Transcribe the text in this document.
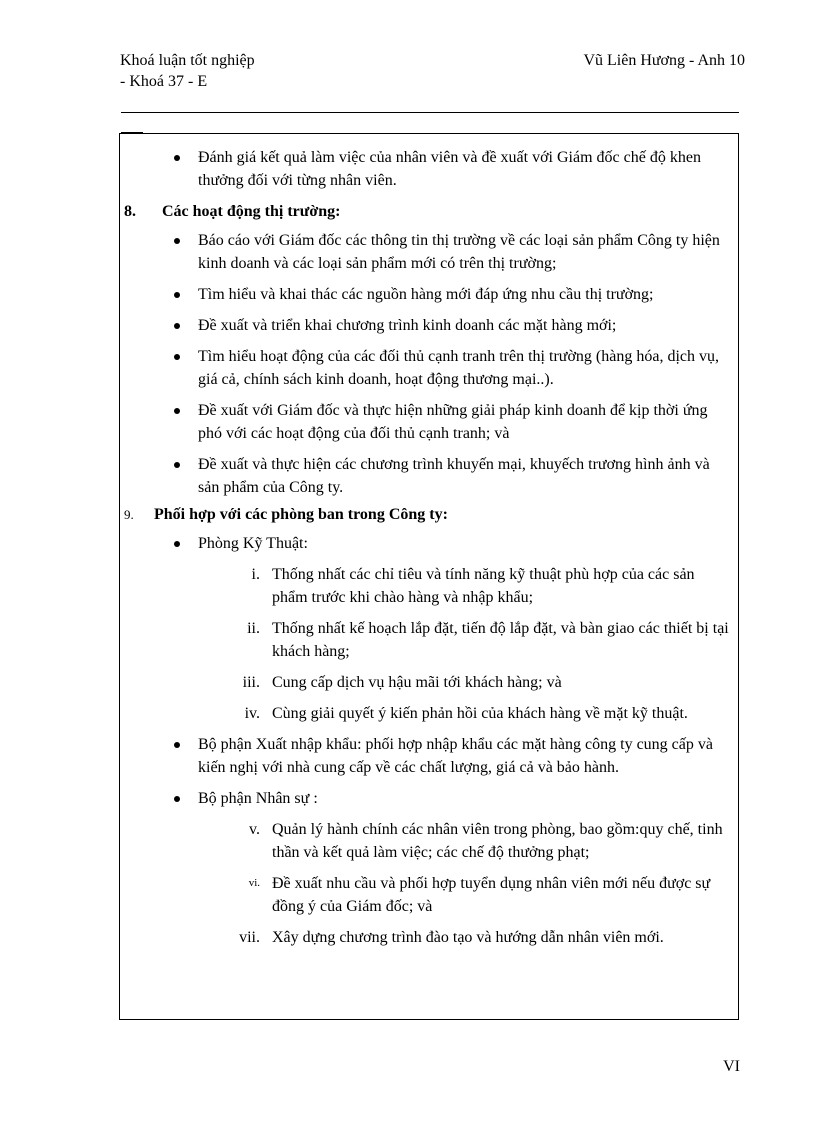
Khoá luận tốt nghiệp
- Khoá 37 - E
Vũ Liên Hương - Anh 10
Đánh giá kết quả làm việc của nhân viên và đề xuất với Giám đốc chế độ khen thưởng đối với từng nhân viên.
8. Các hoạt động thị trường:
Báo cáo với Giám đốc các thông tin thị trường về các loại sản phẩm Công ty hiện kinh doanh và các loại sản phẩm mới có trên thị trường;
Tìm hiểu và khai thác các nguồn hàng mới đáp ứng nhu cầu thị trường;
Đề xuất và triển khai chương trình kinh doanh các mặt hàng mới;
Tìm hiểu hoạt động của các đối thủ cạnh tranh trên thị trường (hàng hóa, dịch vụ, giá cả, chính sách kinh doanh, hoạt động thương mại..).
Đề xuất với Giám đốc và thực hiện những giải pháp kinh doanh để kịp thời ứng phó với các hoạt động của đối thủ cạnh tranh; và
Đề xuất và thực hiện các chương trình khuyến mại, khuyếch trương hình ảnh và sản phẩm của Công ty.
9. Phối hợp với các phòng ban trong Công ty:
Phòng Kỹ Thuật:
i. Thống nhất các chỉ tiêu và tính năng kỹ thuật phù hợp của các sản phẩm trước khi chào hàng và nhập khẩu;
ii. Thống nhất kế hoạch lắp đặt, tiến độ lắp đặt, và bàn giao các thiết bị tại khách hàng;
iii. Cung cấp dịch vụ hậu mãi tới khách hàng; và
iv. Cùng giải quyết ý kiến phản hồi của khách hàng về mặt kỹ thuật.
Bộ phận Xuất nhập khẩu: phối hợp nhập khẩu các mặt hàng công ty cung cấp và kiến nghị với nhà cung cấp về các chất lượng, giá cả và bảo hành.
Bộ phận Nhân sự :
v. Quản lý hành chính các nhân viên trong phòng, bao gồm:quy chế, tinh thần và kết quả làm việc; các chế độ thưởng phạt;
vi. Đề xuất nhu cầu và phối hợp tuyển dụng nhân viên mới nếu được sự đồng ý của Giám đốc; và
vii. Xây dựng chương trình đào tạo và hướng dẫn nhân viên mới.
VI
